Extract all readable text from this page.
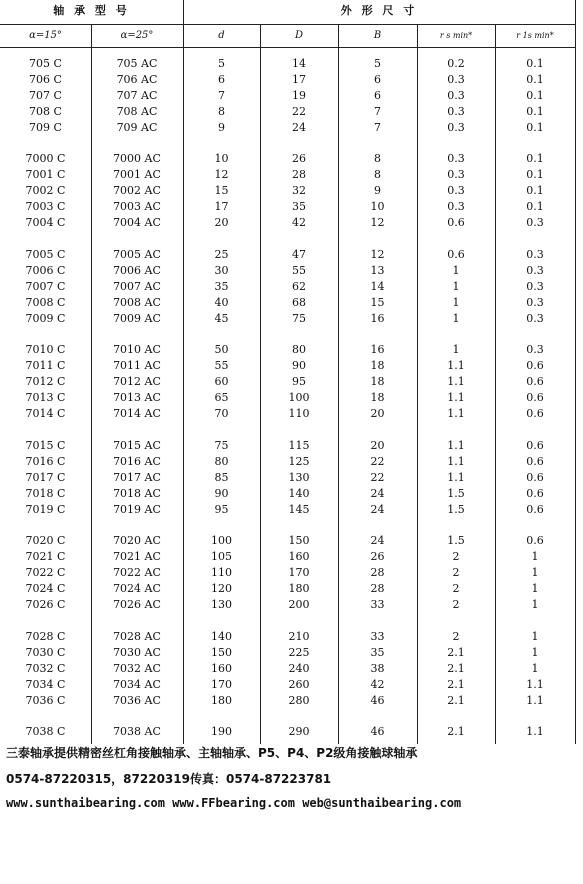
轴 承 型 号	外 形 尺 寸
α=15°	α=25°	d	D	B	r s min*	r 1s min*
705 C	705 AC	5	14	5	0.2	0.1
706 C	706 AC	6	17	6	0.3	0.1
707 C	707 AC	7	19	6	0.3	0.1
708 C	708 AC	8	22	7	0.3	0.1
709 C	709 AC	9	24	7	0.3	0.1
7000 C	7000 AC	10	26	8	0.3	0.1
7001 C	7001 AC	12	28	8	0.3	0.1
7002 C	7002 AC	15	32	9	0.3	0.1
7003 C	7003 AC	17	35	10	0.3	0.1
7004 C	7004 AC	20	42	12	0.6	0.3
7005 C	7005 AC	25	47	12	0.6	0.3
7006 C	7006 AC	30	55	13	1	0.3
7007 C	7007 AC	35	62	14	1	0.3
7008 C	7008 AC	40	68	15	1	0.3
7009 C	7009 AC	45	75	16	1	0.3
7010 C	7010 AC	50	80	16	1	0.3
7011 C	7011 AC	55	90	18	1.1	0.6
7012 C	7012 AC	60	95	18	1.1	0.6
7013 C	7013 AC	65	100	18	1.1	0.6
7014 C	7014 AC	70	110	20	1.1	0.6
7015 C	7015 AC	75	115	20	1.1	0.6
7016 C	7016 AC	80	125	22	1.1	0.6
7017 C	7017 AC	85	130	22	1.1	0.6
7018 C	7018 AC	90	140	24	1.5	0.6
7019 C	7019 AC	95	145	24	1.5	0.6
7020 C	7020 AC	100	150	24	1.5	0.6
7021 C	7021 AC	105	160	26	2	1
7022 C	7022 AC	110	170	28	2	1
7024 C	7024 AC	120	180	28	2	1
7026 C	7026 AC	130	200	33	2	1
7028 C	7028 AC	140	210	33	2	1
7030 C	7030 AC	150	225	35	2.1	1
7032 C	7032 AC	160	240	38	2.1	1
7034 C	7034 AC	170	260	42	2.1	1.1
7036 C	7036 AC	180	280	46	2.1	1.1
7038 C	7038 AC	190	290	46	2.1	1.1
三泰轴承提供精密丝杠角接触轴承、主轴轴承、P5、P4、P2级角接触球轴承
0574-87220315，87220319传真：0574-87223781
www.sunthaibearing.com www.FFbearing.com web@sunthaibearing.com
